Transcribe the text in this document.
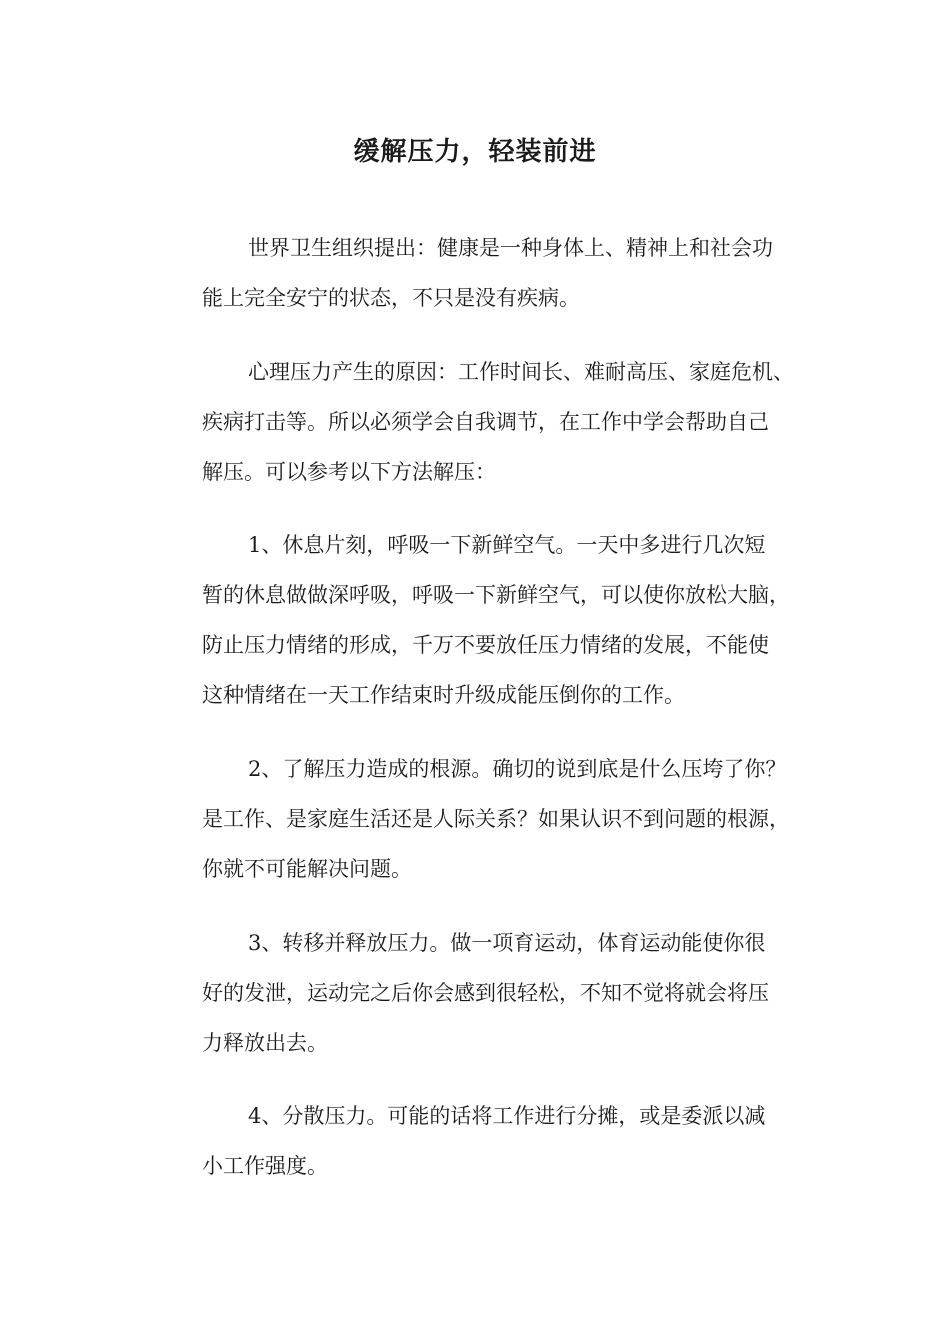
缓解压力，轻装前进
世界卫生组织提出：健康是一种身体上、精神上和社会功
能上完全安宁的状态，不只是没有疾病。
心理压力产生的原因：工作时间长、难耐高压、家庭危机、
疾病打击等。所以必须学会自我调节，在工作中学会帮助自己
解压。可以参考以下方法解压：
1、休息片刻，呼吸一下新鲜空气。一天中多进行几次短
暂的休息做做深呼吸，呼吸一下新鲜空气，可以使你放松大脑，
防止压力情绪的形成，千万不要放任压力情绪的发展，不能使
这种情绪在一天工作结束时升级成能压倒你的工作。
2、了解压力造成的根源。确切的说到底是什么压垮了你？
是工作、是家庭生活还是人际关系？如果认识不到问题的根源，
你就不可能解决问题。
3、转移并释放压力。做一项育运动，体育运动能使你很
好的发泄，运动完之后你会感到很轻松，不知不觉将就会将压
力释放出去。
4、分散压力。可能的话将工作进行分摊，或是委派以减
小工作强度。
